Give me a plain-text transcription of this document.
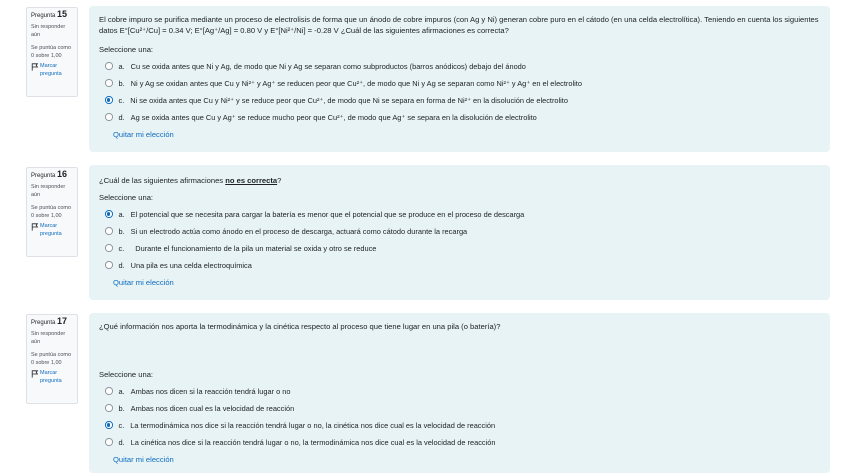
Pregunta 15
Sin responder aún
Se puntúa como 0 sobre 1,00
Marcar pregunta

El cobre impuro se purifica mediante un proceso de electrolisis de forma que un ánodo de cobre impuros (con Ag y Ni) generan cobre puro en el cátodo (en una celda electrolítica). Teniendo en cuenta los siguientes datos E°[Cu²⁺/Cu] = 0.34 V; E°[Ag⁺/Ag] = 0.80 V y E°[Ni²⁺/Ni] = -0.28 V ¿Cuál de las siguientes afirmaciones es correcta?

Seleccione una:

a. Cu se oxida antes que Ni y Ag, de modo que Ni y Ag se separan como subproductos (barros anódicos) debajo del ánodo
b. Ni y Ag se oxidan antes que Cu y Ni²⁺ y Ag⁺ se reducen peor que Cu²⁺, de modo que Ni y Ag se separan como Ni²⁺ y Ag⁺ en el electrolito
c. Ni se oxida antes que Cu y Ni²⁺ y se reduce peor que Cu²⁺, de modo que Ni se separa en forma de Ni²⁺ en la disolución de electrolito
d. Ag se oxida antes que Cu y Ag⁺ se reduce mucho peor que Cu²⁺, de modo que Ag⁺ se separa en la disolución de electrolito
Quitar mi elección
Pregunta 16
Sin responder aún
Se puntúa como 0 sobre 1,00
Marcar pregunta

¿Cuál de las siguientes afirmaciones no es correcta?

Seleccione una:

a. El potencial que se necesita para cargar la batería es menor que el potencial que se produce en el proceso de descarga
b. Si un electrodo actúa como ánodo en el proceso de descarga, actuará como cátodo durante la recarga
c. Durante el funcionamiento de la pila un material se oxida y otro se reduce
d. Una pila es una celda electroquímica
Quitar mi elección
Pregunta 17
Sin responder aún
Se puntúa como 0 sobre 1,00
Marcar pregunta

¿Qué información nos aporta la termodinámica y la cinética respecto al proceso que tiene lugar en una pila (o batería)?

Seleccione una:

a. Ambas nos dicen si la reacción tendrá lugar o no
b. Ambas nos dicen cual es la velocidad de reacción
c. La termodinámica nos dice si la reacción tendrá lugar o no, la cinética nos dice cual es la velocidad de reacción
d. La cinética nos dice si la reacción tendrá lugar o no, la termodinámica nos dice cual es la velocidad de reacción
Quitar mi elección
